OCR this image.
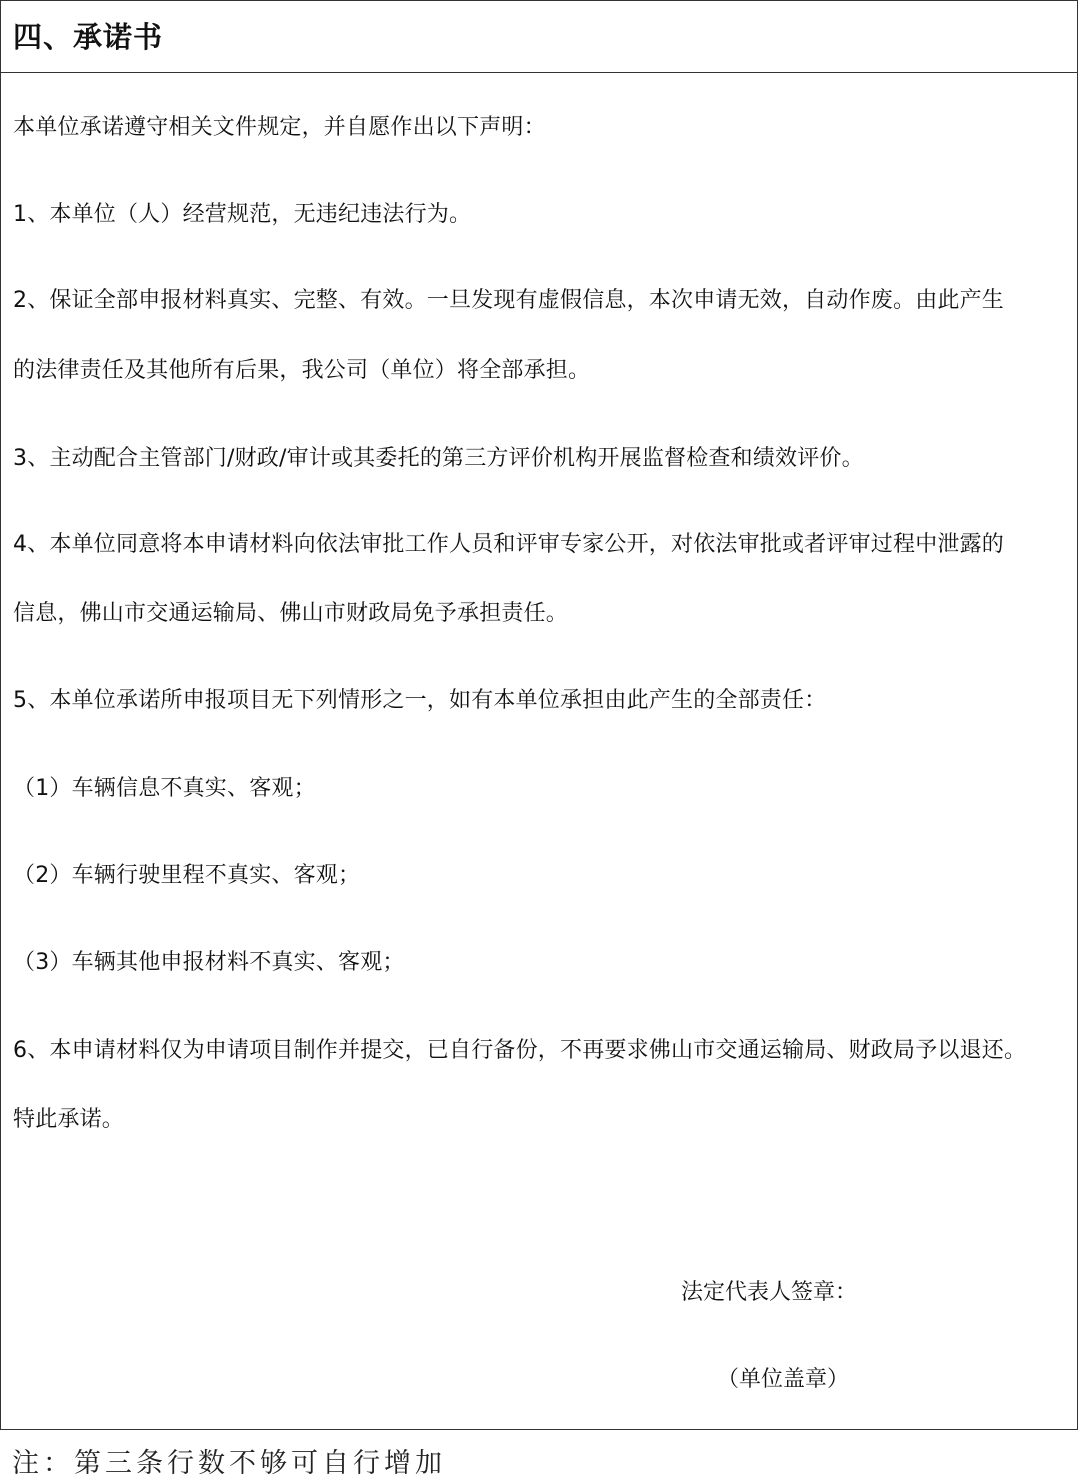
四、承诺书

本单位承诺遵守相关文件规定，并自愿作出以下声明：

1、本单位（人）经营规范，无违纪违法行为。

2、保证全部申报材料真实、完整、有效。一旦发现有虚假信息，本次申请无效，自动作废。由此产生

的法律责任及其他所有后果，我公司（单位）将全部承担。

3、主动配合主管部门/财政/审计或其委托的第三方评价机构开展监督检查和绩效评价。

4、本单位同意将本申请材料向依法审批工作人员和评审专家公开，对依法审批或者评审过程中泄露的

信息，佛山市交通运输局、佛山市财政局免予承担责任。

5、本单位承诺所申报项目无下列情形之一，如有本单位承担由此产生的全部责任：

（1）车辆信息不真实、客观；

（2）车辆行驶里程不真实、客观；

（3）车辆其他申报材料不真实、客观；

6、本申请材料仅为申请项目制作并提交，已自行备份，不再要求佛山市交通运输局、财政局予以退还。

特此承诺。

法定代表人签章：

（单位盖章）

注：第三条行数不够可自行增加
